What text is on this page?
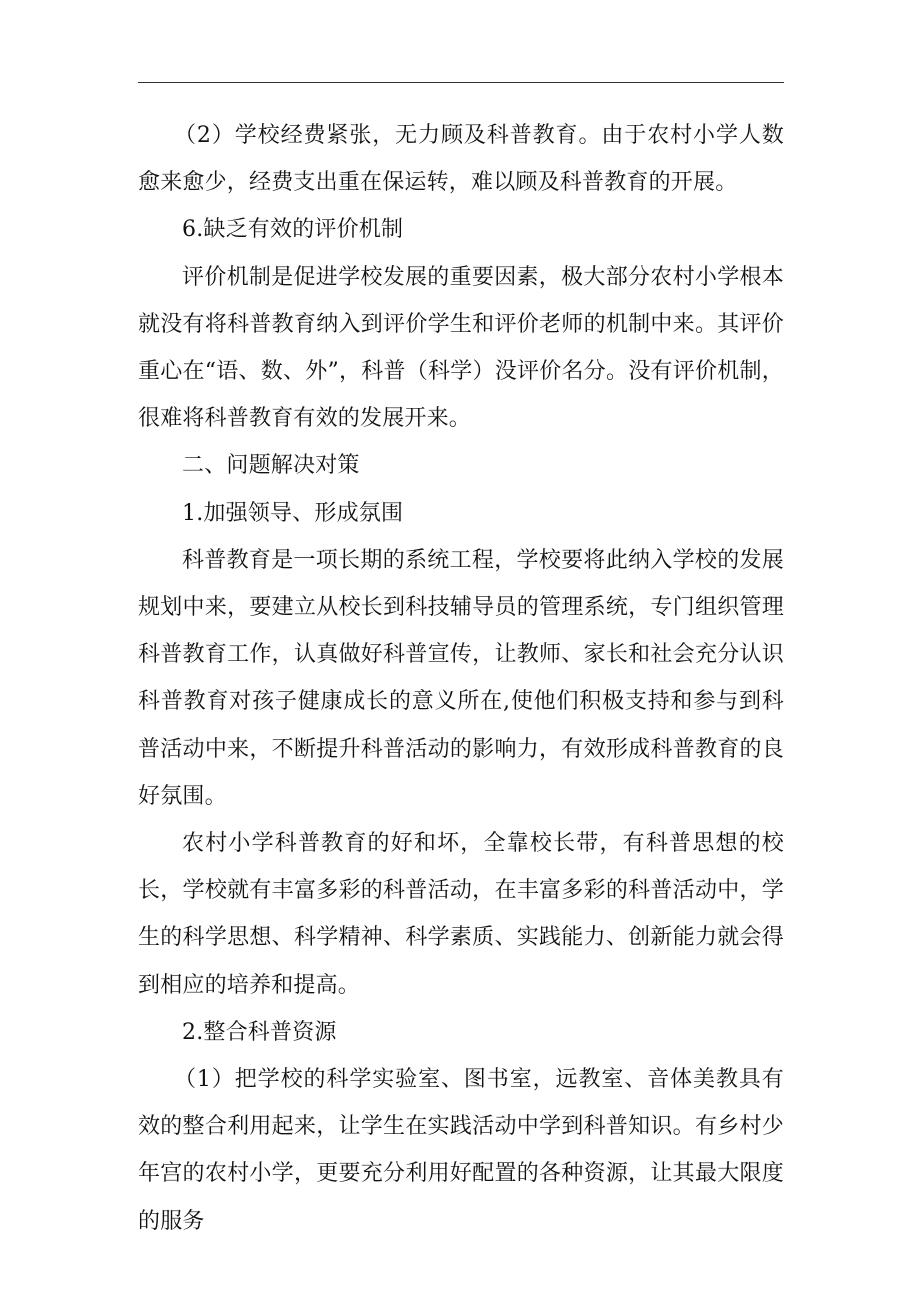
（2）学校经费紧张，无力顾及科普教育。由于农村小学人数愈来愈少，经费支出重在保运转，难以顾及科普教育的开展。

6.缺乏有效的评价机制

评价机制是促进学校发展的重要因素，极大部分农村小学根本就没有将科普教育纳入到评价学生和评价老师的机制中来。其评价重心在“语、数、外”，科普（科学）没评价名分。没有评价机制，很难将科普教育有效的发展开来。

二、问题解决对策

1.加强领导、形成氛围

科普教育是一项长期的系统工程，学校要将此纳入学校的发展规划中来，要建立从校长到科技辅导员的管理系统，专门组织管理科普教育工作，认真做好科普宣传，让教师、家长和社会充分认识科普教育对孩子健康成长的意义所在,使他们积极支持和参与到科普活动中来，不断提升科普活动的影响力，有效形成科普教育的良好氛围。

农村小学科普教育的好和坏，全靠校长带，有科普思想的校长，学校就有丰富多彩的科普活动，在丰富多彩的科普活动中，学生的科学思想、科学精神、科学素质、实践能力、创新能力就会得到相应的培养和提高。

2.整合科普资源

（1）把学校的科学实验室、图书室，远教室、音体美教具有效的整合利用起来，让学生在实践活动中学到科普知识。有乡村少年宫的农村小学，更要充分利用好配置的各种资源，让其最大限度的服务
